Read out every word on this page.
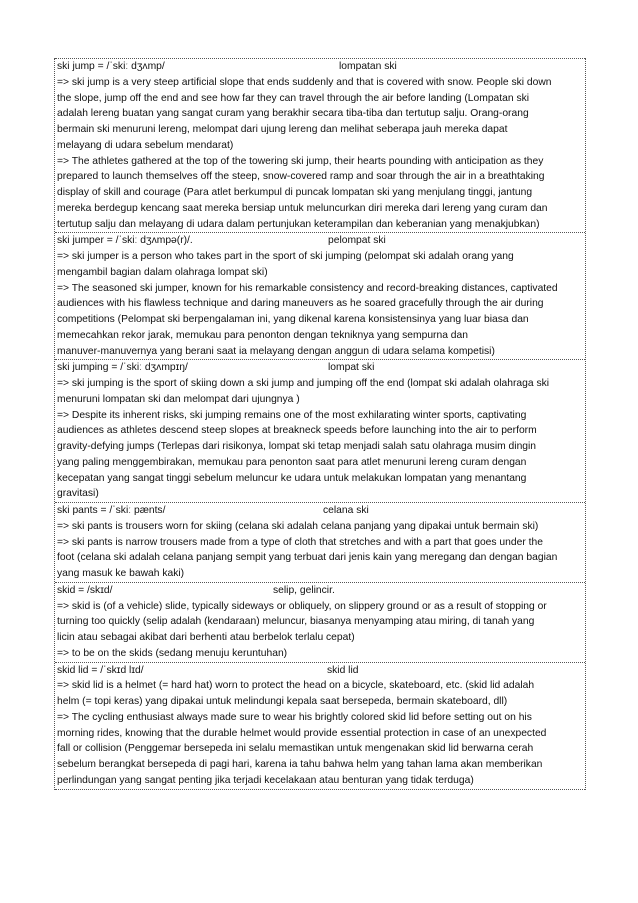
ski jump = /ˈskiː dʒʌmp/	lompatan ski
=> ski jump is a very steep artificial slope that ends suddenly and that is covered with snow. People ski down
the slope, jump off the end and see how far they can travel through the air before landing (Lompatan ski
adalah lereng buatan yang sangat curam yang berakhir secara tiba-tiba dan tertutup salju. Orang-orang
bermain ski menuruni lereng, melompat dari ujung lereng dan melihat seberapa jauh mereka dapat
melayang di udara sebelum mendarat)
=> The athletes gathered at the top of the towering ski jump, their hearts pounding with anticipation as they
prepared to launch themselves off the steep, snow-covered ramp and soar through the air in a breathtaking
display of skill and courage (Para atlet berkumpul di puncak lompatan ski yang menjulang tinggi, jantung
mereka berdegup kencang saat mereka bersiap untuk meluncurkan diri mereka dari lereng yang curam dan
tertutup salju dan melayang di udara dalam pertunjukan keterampilan dan keberanian yang menakjubkan)
ski jumper = /ˈskiː dʒʌmpə(r)/.	pelompat ski
=> ski jumper is a person who takes part in the sport of ski jumping (pelompat ski adalah orang yang
mengambil bagian dalam olahraga lompat ski)
=> The seasoned ski jumper, known for his remarkable consistency and record-breaking distances, captivated
audiences with his flawless technique and daring maneuvers as he soared gracefully through the air during
competitions (Pelompat ski berpengalaman ini, yang dikenal karena konsistensinya yang luar biasa dan
memecahkan rekor jarak, memukau para penonton dengan tekniknya yang sempurna dan
manuver-manuvernya yang berani saat ia melayang dengan anggun di udara selama kompetisi)
ski jumping = /ˈskiː dʒʌmpɪŋ/	lompat ski
=> ski jumping is the sport of skiing down a ski jump and jumping off the end (lompat ski adalah olahraga ski
menuruni lompatan ski dan melompat dari ujungnya )
=> Despite its inherent risks, ski jumping remains one of the most exhilarating winter sports, captivating
audiences as athletes descend steep slopes at breakneck speeds before launching into the air to perform
gravity-defying jumps (Terlepas dari risikonya, lompat ski tetap menjadi salah satu olahraga musim dingin
yang paling menggembirakan, memukau para penonton saat para atlet menuruni lereng curam dengan
kecepatan yang sangat tinggi sebelum meluncur ke udara untuk melakukan lompatan yang menantang
gravitasi)
ski pants = /ˈskiː pænts/	celana ski
=> ski pants is trousers worn for skiing (celana ski adalah celana panjang yang dipakai untuk bermain ski)
=> ski pants is narrow trousers made from a type of cloth that stretches and with a part that goes under the
foot (celana ski adalah celana panjang sempit yang terbuat dari jenis kain yang meregang dan dengan bagian
yang masuk ke bawah kaki)
skid = /skɪd/	selip, gelincir.
=> skid is (of a vehicle) slide, typically sideways or obliquely, on slippery ground or as a result of stopping or
turning too quickly (selip adalah (kendaraan) meluncur, biasanya menyamping atau miring, di tanah yang
licin atau sebagai akibat dari berhenti atau berbelok terlalu cepat)
=> to be on the skids (sedang menuju keruntuhan)
skid lid = /ˈskɪd lɪd/	skid lid
=> skid lid is a helmet (= hard hat) worn to protect the head on a bicycle, skateboard, etc. (skid lid adalah
helm (= topi keras) yang dipakai untuk melindungi kepala saat bersepeda, bermain skateboard, dll)
=> The cycling enthusiast always made sure to wear his brightly colored skid lid before setting out on his
morning rides, knowing that the durable helmet would provide essential protection in case of an unexpected
fall or collision (Penggemar bersepeda ini selalu memastikan untuk mengenakan skid lid berwarna cerah
sebelum berangkat bersepeda di pagi hari, karena ia tahu bahwa helm yang tahan lama akan memberikan
perlindungan yang sangat penting jika terjadi kecelakaan atau benturan yang tidak terduga)
